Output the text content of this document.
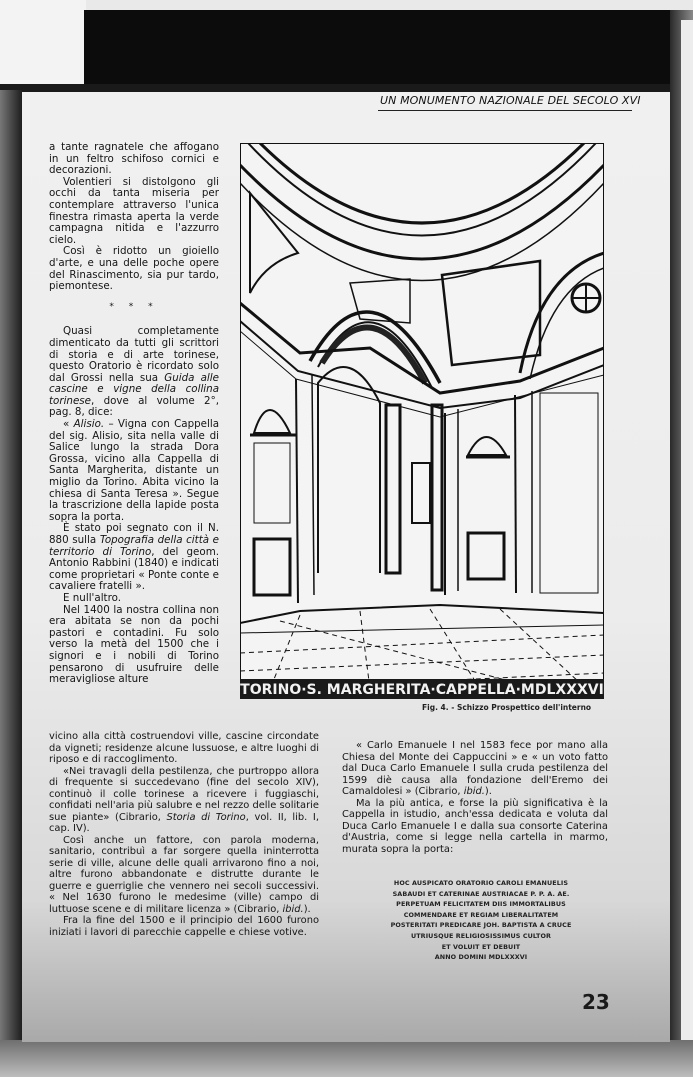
UN MONUMENTO NAZIONALE DEL SECOLO XVI

a tante ragnatele che affogano in un feltro schifoso cornici e decorazioni.

Volentieri si distolgono gli occhi da tanta miseria per contemplare attraverso l'unica finestra rimasta aperta la verde campagna nitida e l'azzurro cielo.

Così è ridotto un gioiello d'arte, e una delle poche opere del Rinascimento, sia pur tardo, piemontese.

* * *

Quasi completamente dimenticato da tutti gli scrittori di storia e di arte torinese, questo Oratorio è ricordato solo dal Grossi nella sua Guida alle cascine e vigne della collina torinese, dove al volume 2°, pag. 8, dice:

« Alisio. – Vigna con Cappella del sig. Alisio, sita nella valle di Salice lungo la strada Dora Grossa, vicino alla Cappella di Santa Margherita, distante un miglio da Torino. Abita vicino la chiesa di Santa Teresa ». Segue la trascrizione della lapide posta sopra la porta.

È stato poi segnato con il N. 880 sulla Topografia della città e territorio di Torino, del geom. Antonio Rabbini (1840) e indicati come proprietari « Ponte conte e cavaliere fratelli ».

E null'altro.

Nel 1400 la nostra collina non era abitata se non da pochi pastori e contadini. Fu solo verso la metà del 1500 che i signori e i nobili di Torino pensarono di usufruire delle meravigliose alture

vicino alla città costruendovi ville, cascine circondate da vigneti; residenze alcune lussuose, e altre luoghi di riposo e di raccoglimento.

«Nei travagli della pestilenza, che purtroppo allora di frequente si succedevano (fine del secolo XIV), continuò il colle torinese a ricevere i fuggiaschi, confidati nell'aria più salubre e nel rezzo delle solitarie sue piante» (Cibrario, Storia di Torino, vol. II, lib. I, cap. IV).

Così anche un fattore, con parola moderna, sanitario, contribuì a far sorgere quella ininterrotta serie di ville, alcune delle quali arrivarono fino a noi, altre furono abbandonate e distrutte durante le guerre e guerriglie che vennero nei secoli successivi. « Nel 1630 furono le medesime (ville) campo di luttuose scene e di militare licenza » (Cibrario, ibid.).

Fra la fine del 1500 e il principio del 1600 furono iniziati i lavori di parecchie cappelle e chiese votive.

« Carlo Emanuele I nel 1583 fece por mano alla Chiesa del Monte dei Cappuccini » e « un voto fatto dal Duca Carlo Emanuele I sulla cruda pestilenza del 1599 diè causa alla fondazione dell'Eremo dei Camaldolesi » (Cibrario, ibid.).

Ma la più antica, e forse la più significativa è la Cappella in istudio, anch'essa dedicata e voluta dal Duca Carlo Emanuele I e dalla sua consorte Caterina d'Austria, come si legge nella cartella in marmo, murata sopra la porta:

HOC AUSPICATO ORATORIO CAROLI EMANUELIS
SABAUDI ET CATERINAE AUSTRIACAE P. P. A. AE.
PERPETUAM FELICITATEM DIIS IMMORTALIBUS
COMMENDARE ET REGIAM LIBERALITATEM
POSTERITATI PREDICARE JOH. BAPTISTA A CRUCE
UTRIUSQUE RELIGIOSISSIMUS CULTOR
ET VOLUIT ET DEBUIT
ANNO DOMINI MDLXXXVI
TORINO·S. MARGHERITA·CAPPELLA·MDLXXXVI
Fig. 4. - Schizzo Prospettico dell'interno
23
